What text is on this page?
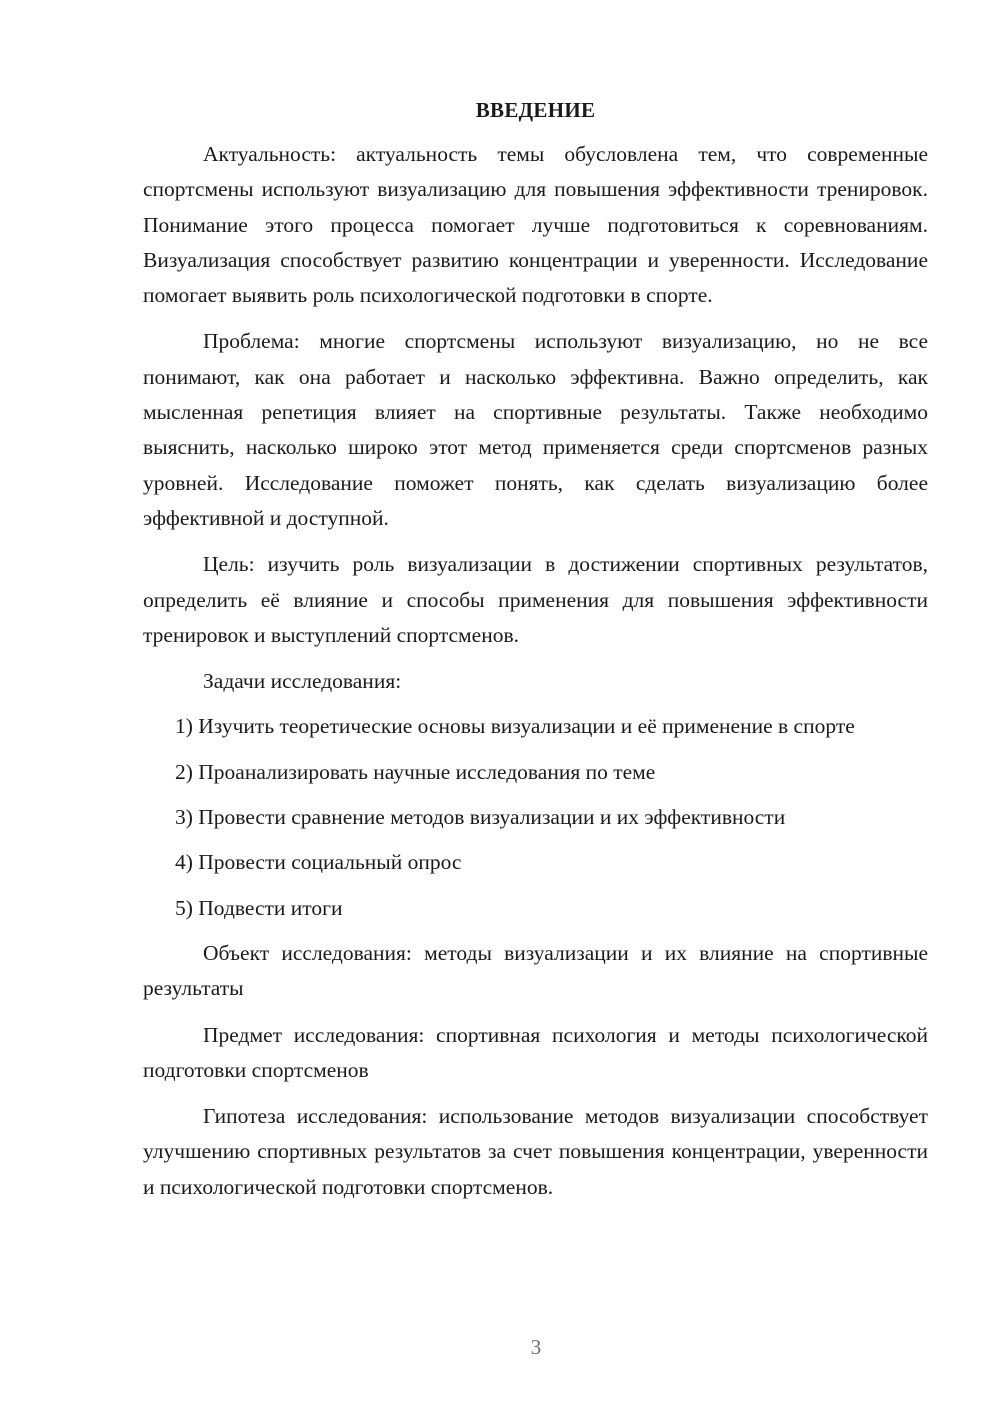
ВВЕДЕНИЕ

Актуальность: актуальность темы обусловлена тем, что современные спортсмены используют визуализацию для повышения эффективности тренировок. Понимание этого процесса помогает лучше подготовиться к соревнованиям. Визуализация способствует развитию концентрации и уверенности. Исследование помогает выявить роль психологической подготовки в спорте.

Проблема: многие спортсмены используют визуализацию, но не все понимают, как она работает и насколько эффективна. Важно определить, как мысленная репетиция влияет на спортивные результаты. Также необходимо выяснить, насколько широко этот метод применяется среди спортсменов разных уровней. Исследование поможет понять, как сделать визуализацию более эффективной и доступной.

Цель: изучить роль визуализации в достижении спортивных результатов, определить её влияние и способы применения для повышения эффективности тренировок и выступлений спортсменов.

Задачи исследования:

1) Изучить теоретические основы визуализации и её применение в спорте

2) Проанализировать научные исследования по теме

3) Провести сравнение методов визуализации и их эффективности

4) Провести социальный опрос

5) Подвести итоги

Объект исследования: методы визуализации и их влияние на спортивные результаты

Предмет исследования: спортивная психология и методы психологической подготовки спортсменов

Гипотеза исследования: использование методов визуализации способствует улучшению спортивных результатов за счет повышения концентрации, уверенности и психологической подготовки спортсменов.

3
